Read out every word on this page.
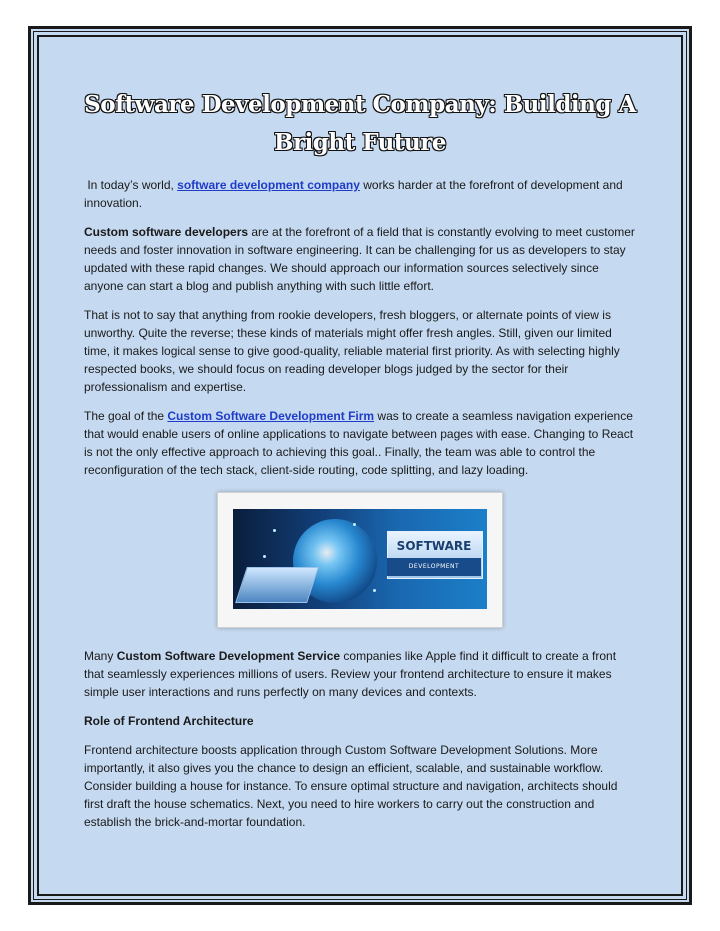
Software Development Company: Building A Bright Future

In today’s world, software development company works harder at the forefront of development and innovation.

Custom software developers are at the forefront of a field that is constantly evolving to meet customer needs and foster innovation in software engineering. It can be challenging for us as developers to stay updated with these rapid changes. We should approach our information sources selectively since anyone can start a blog and publish anything with such little effort.

That is not to say that anything from rookie developers, fresh bloggers, or alternate points of view is unworthy. Quite the reverse; these kinds of materials might offer fresh angles. Still, given our limited time, it makes logical sense to give good-quality, reliable material first priority. As with selecting highly respected books, we should focus on reading developer blogs judged by the sector for their professionalism and expertise.

The goal of the Custom Software Development Firm was to create a seamless navigation experience that would enable users of online applications to navigate between pages with ease. Changing to React is not the only effective approach to achieving this goal.. Finally, the team was able to control the reconfiguration of the tech stack, client-side routing, code splitting, and lazy loading.

SOFTWARE
DEVELOPMENT

Many Custom Software Development Service companies like Apple find it difficult to create a front that seamlessly experiences millions of users. Review your frontend architecture to ensure it makes simple user interactions and runs perfectly on many devices and contexts.

Role of Frontend Architecture

Frontend architecture boosts application through Custom Software Development Solutions. More importantly, it also gives you the chance to design an efficient, scalable, and sustainable workflow. Consider building a house for instance. To ensure optimal structure and navigation, architects should first draft the house schematics. Next, you need to hire workers to carry out the construction and establish the brick-and-mortar foundation.
